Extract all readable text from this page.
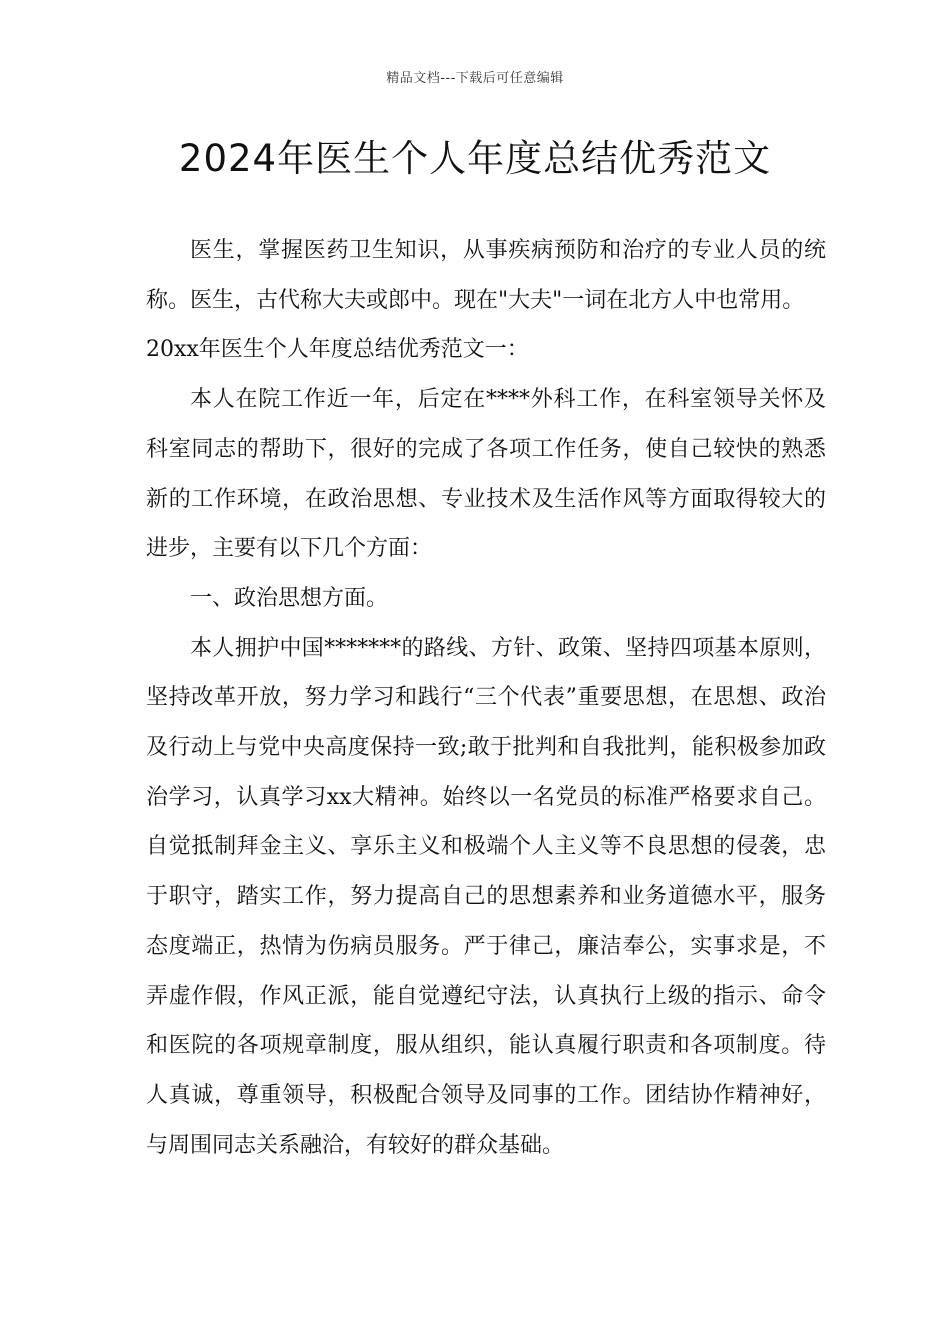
精品文档---下载后可任意编辑
2024年医生个人年度总结优秀范文

医生，掌握医药卫生知识，从事疾病预防和治疗的专业人员的统称。医生，古代称大夫或郎中。现在"大夫"一词在北方人中也常用。

20xx年医生个人年度总结优秀范文一：

本人在院工作近一年，后定在****外科工作，在科室领导关怀及科室同志的帮助下，很好的完成了各项工作任务，使自己较快的熟悉新的工作环境，在政治思想、专业技术及生活作风等方面取得较大的进步，主要有以下几个方面：

一、政治思想方面。

本人拥护中国*******的路线、方针、政策、坚持四项基本原则，坚持改革开放，努力学习和践行“三个代表”重要思想，在思想、政治及行动上与党中央高度保持一致;敢于批判和自我批判，能积极参加政治学习，认真学习xx大精神。始终以一名党员的标准严格要求自己。自觉抵制拜金主义、享乐主义和极端个人主义等不良思想的侵袭，忠于职守，踏实工作，努力提高自己的思想素养和业务道德水平，服务态度端正，热情为伤病员服务。严于律己，廉洁奉公，实事求是，不弄虚作假，作风正派，能自觉遵纪守法，认真执行上级的指示、命令和医院的各项规章制度，服从组织，能认真履行职责和各项制度。待人真诚，尊重领导，积极配合领导及同事的工作。团结协作精神好，与周围同志关系融洽，有较好的群众基础。
